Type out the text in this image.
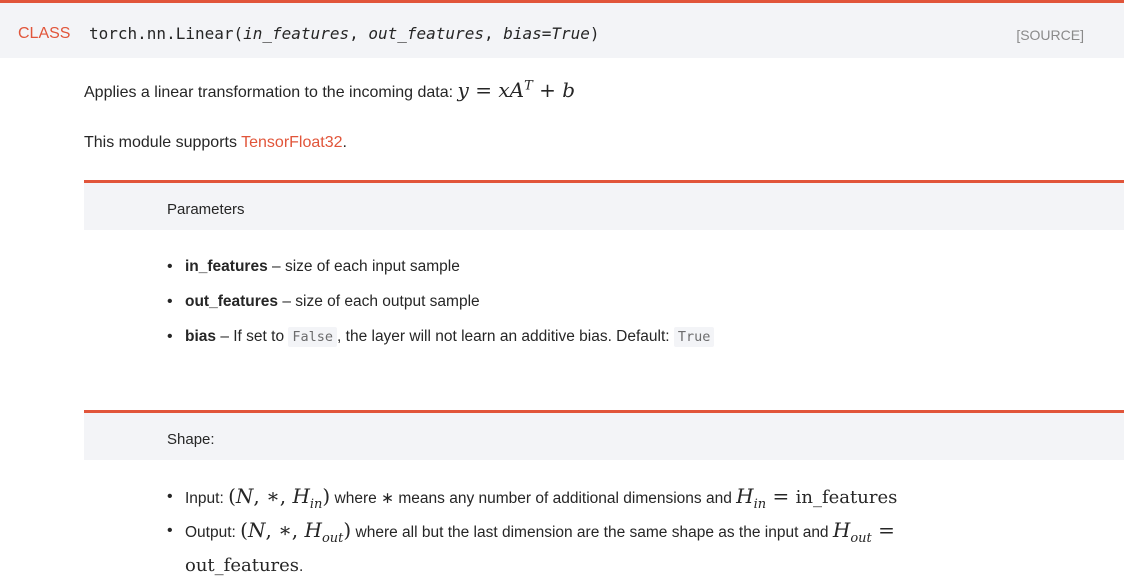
CLASS torch.nn.Linear(in_features, out_features, bias=True)	[SOURCE]
Applies a linear transformation to the incoming data: $y = xA^T + b$
This module supports TensorFloat32.
Parameters
• in_features – size of each input sample
• out_features – size of each output sample
• bias – If set to False , the layer will not learn an additive bias. Default: True
Shape:
• Input: (N, ∗, $H_{in}$) where ∗ means any number of additional dimensions and $H_{in}$ = in_features
• Output: (N, ∗, $H_{out}$) where all but the last dimension are the same shape as the input and $H_{out}$ =
out_features.
